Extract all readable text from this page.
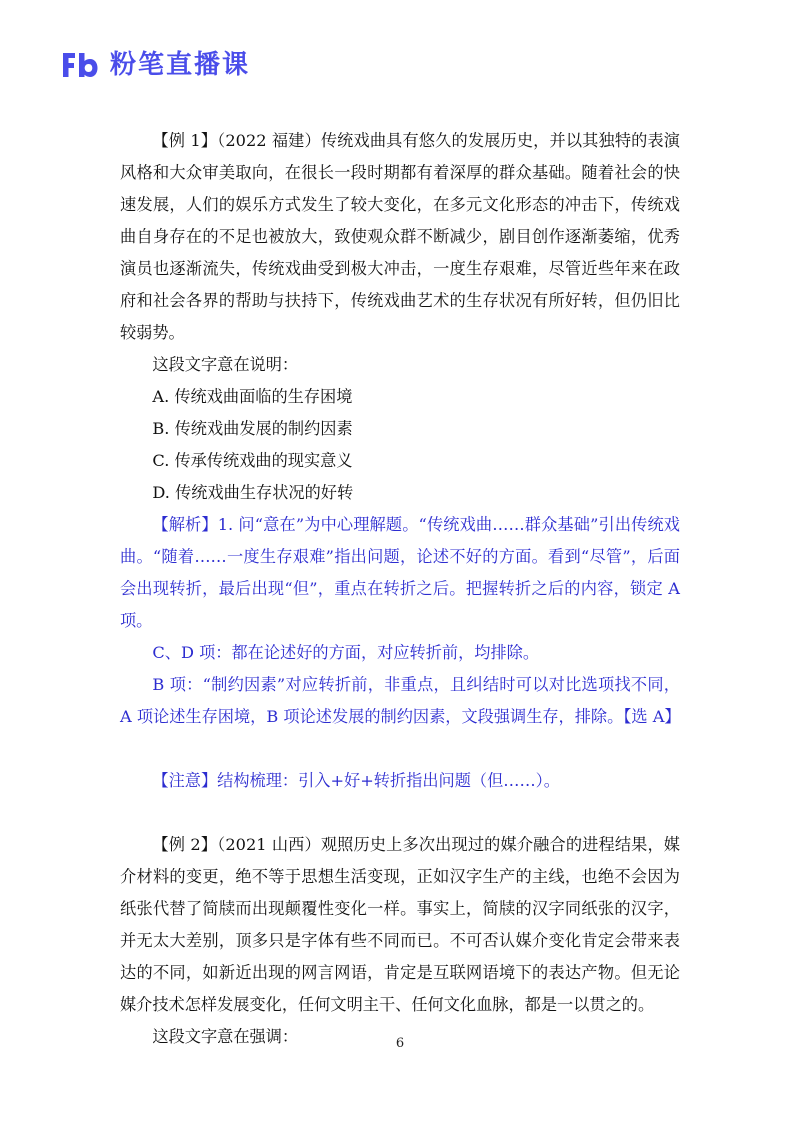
粉笔直播课

【例 1】（2022 福建）传统戏曲具有悠久的发展历史，并以其独特的表演风格和大众审美取向，在很长一段时期都有着深厚的群众基础。随着社会的快速发展，人们的娱乐方式发生了较大变化，在多元文化形态的冲击下，传统戏曲自身存在的不足也被放大，致使观众群不断减少，剧目创作逐渐萎缩，优秀演员也逐渐流失，传统戏曲受到极大冲击，一度生存艰难，尽管近些年来在政府和社会各界的帮助与扶持下，传统戏曲艺术的生存状况有所好转，但仍旧比较弱势。

这段文字意在说明：

A. 传统戏曲面临的生存困境

B. 传统戏曲发展的制约因素

C. 传承传统戏曲的现实意义

D. 传统戏曲生存状况的好转

【解析】1. 问“意在”为中心理解题。“传统戏曲……群众基础”引出传统戏曲。“随着……一度生存艰难”指出问题，论述不好的方面。看到“尽管”，后面会出现转折，最后出现“但”，重点在转折之后。把握转折之后的内容，锁定 A 项。

C、D 项：都在论述好的方面，对应转折前，均排除。

B 项：“制约因素”对应转折前，非重点，且纠结时可以对比选项找不同，A 项论述生存困境，B 项论述发展的制约因素，文段强调生存，排除。【选 A】

【注意】结构梳理：引入+好+转折指出问题（但……）。

【例 2】（2021 山西）观照历史上多次出现过的媒介融合的进程结果，媒介材料的变更，绝不等于思想生活变现，正如汉字生产的主线，也绝不会因为纸张代替了简牍而出现颠覆性变化一样。事实上，简牍的汉字同纸张的汉字，并无太大差别，顶多只是字体有些不同而已。不可否认媒介变化肯定会带来表达的不同，如新近出现的网言网语，肯定是互联网语境下的表达产物。但无论媒介技术怎样发展变化，任何文明主干、任何文化血脉，都是一以贯之的。

这段文字意在强调：	6
